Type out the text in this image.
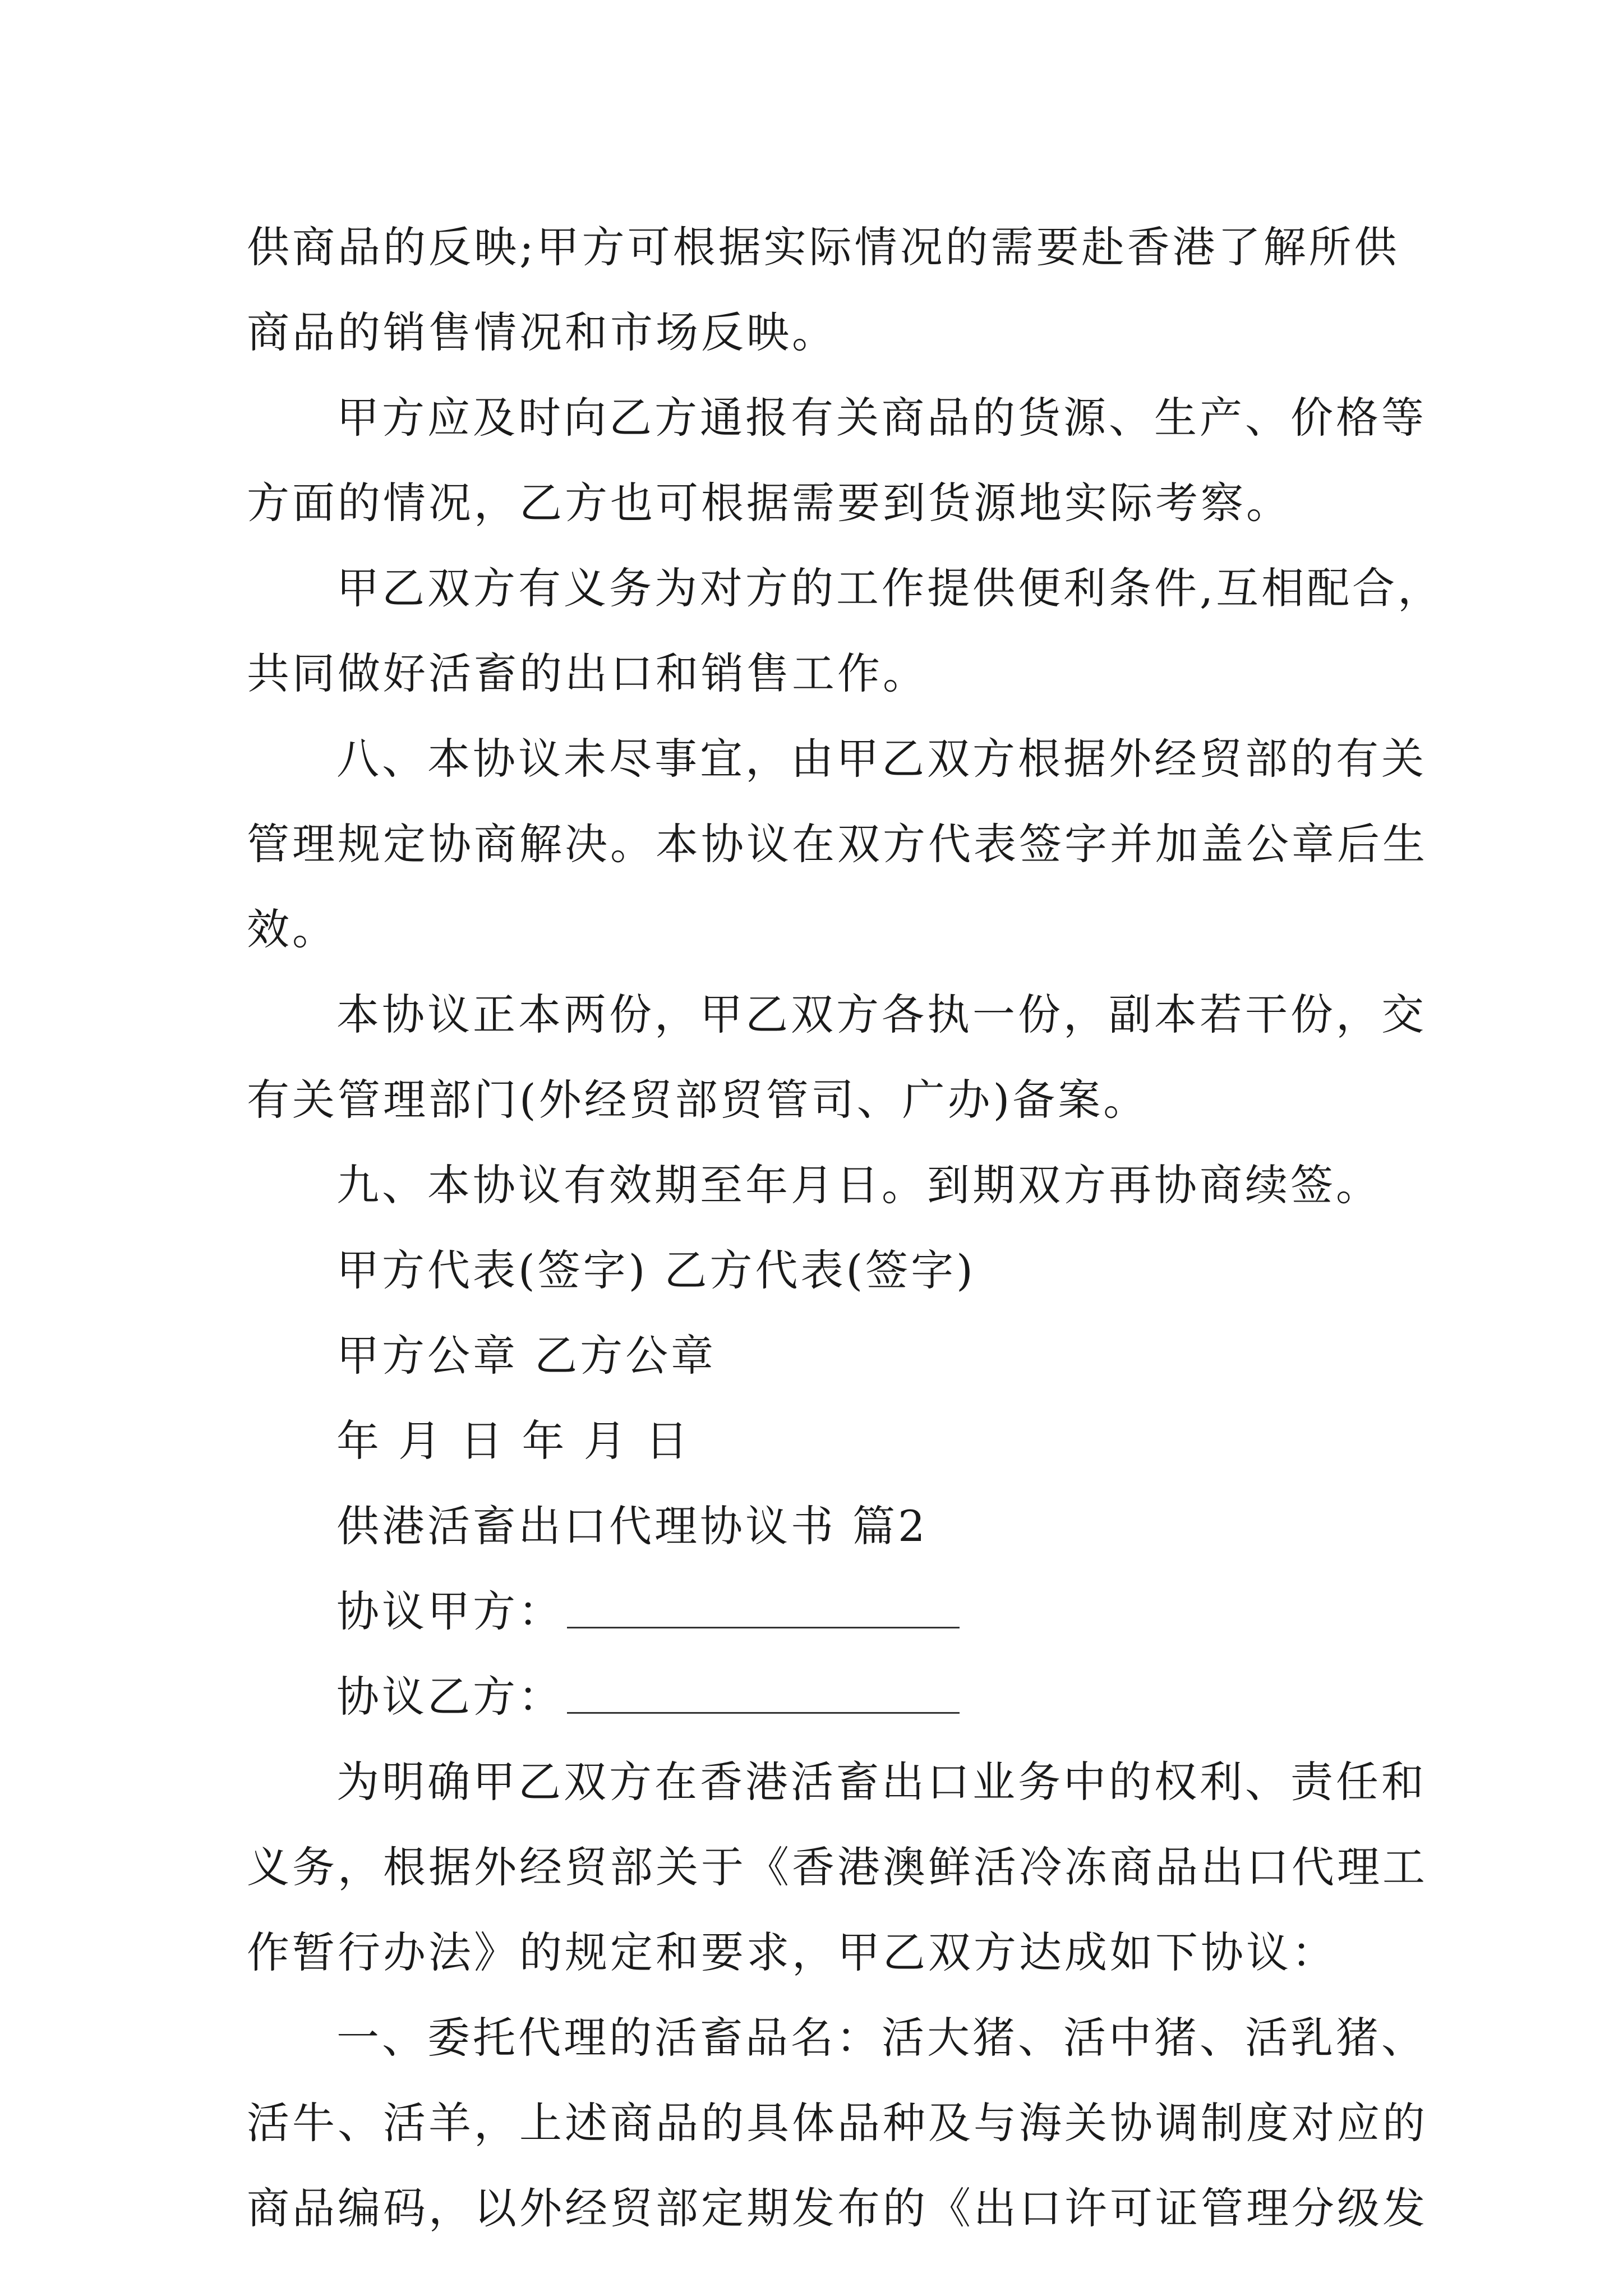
供商品的反映;甲方可根据实际情况的需要赴香港了解所供
商品的销售情况和市场反映。
甲方应及时向乙方通报有关商品的货源、生产、价格等
方面的情况，乙方也可根据需要到货源地实际考察。
甲乙双方有义务为对方的工作提供便利条件,互相配合，
共同做好活畜的出口和销售工作。
八、本协议未尽事宜，由甲乙双方根据外经贸部的有关
管理规定协商解决。本协议在双方代表签字并加盖公章后生
效。
本协议正本两份，甲乙双方各执一份，副本若干份，交
有关管理部门(外经贸部贸管司、广办)备案。
九、本协议有效期至年月日。到期双方再协商续签。
甲方代表(签字) 乙方代表(签字)
甲方公章 乙方公章
年 月 日 年 月 日
供港活畜出口代理协议书 篇2
协议甲方：
协议乙方：
为明确甲乙双方在香港活畜出口业务中的权利、责任和
义务，根据外经贸部关于《香港澳鲜活冷冻商品出口代理工
作暂行办法》的规定和要求，甲乙双方达成如下协议：
一、委托代理的活畜品名：活大猪、活中猪、活乳猪、
活牛、活羊，上述商品的具体品种及与海关协调制度对应的
商品编码，以外经贸部定期发布的《出口许可证管理分级发
